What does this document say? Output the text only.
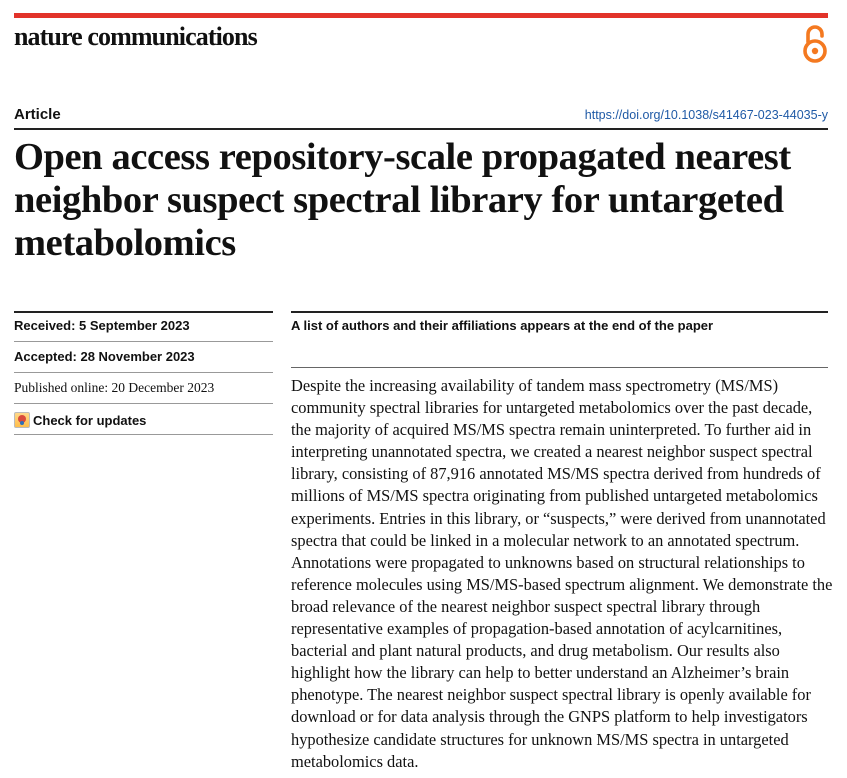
nature communications
Article	https://doi.org/10.1038/s41467-023-44035-y
Open access repository-scale propagated nearest neighbor suspect spectral library for untargeted metabolomics
Received: 5 September 2023
Accepted: 28 November 2023
Published online: 20 December 2023
Check for updates
A list of authors and their affiliations appears at the end of the paper

Despite the increasing availability of tandem mass spectrometry (MS/MS) community spectral libraries for untargeted metabolomics over the past decade, the majority of acquired MS/MS spectra remain uninterpreted. To further aid in interpreting unannotated spectra, we created a nearest neighbor suspect spectral library, consisting of 87,916 annotated MS/MS spectra derived from hundreds of millions of MS/MS spectra originating from published untargeted metabolomics experiments. Entries in this library, or “suspects,” were derived from unannotated spectra that could be linked in a molecular network to an annotated spectrum. Annotations were propagated to unknowns based on structural relationships to reference molecules using MS/MS-based spectrum alignment. We demonstrate the broad relevance of the nearest neighbor suspect spectral library through representative examples of propagation-based annotation of acylcarnitines, bacterial and plant natural products, and drug metabolism. Our results also highlight how the library can help to better understand an Alzheimer’s brain phenotype. The nearest neighbor suspect spectral library is openly available for download or for data analysis through the GNPS platform to help investigators hypothesize candidate structures for unknown MS/MS spectra in untargeted metabolomics data.
